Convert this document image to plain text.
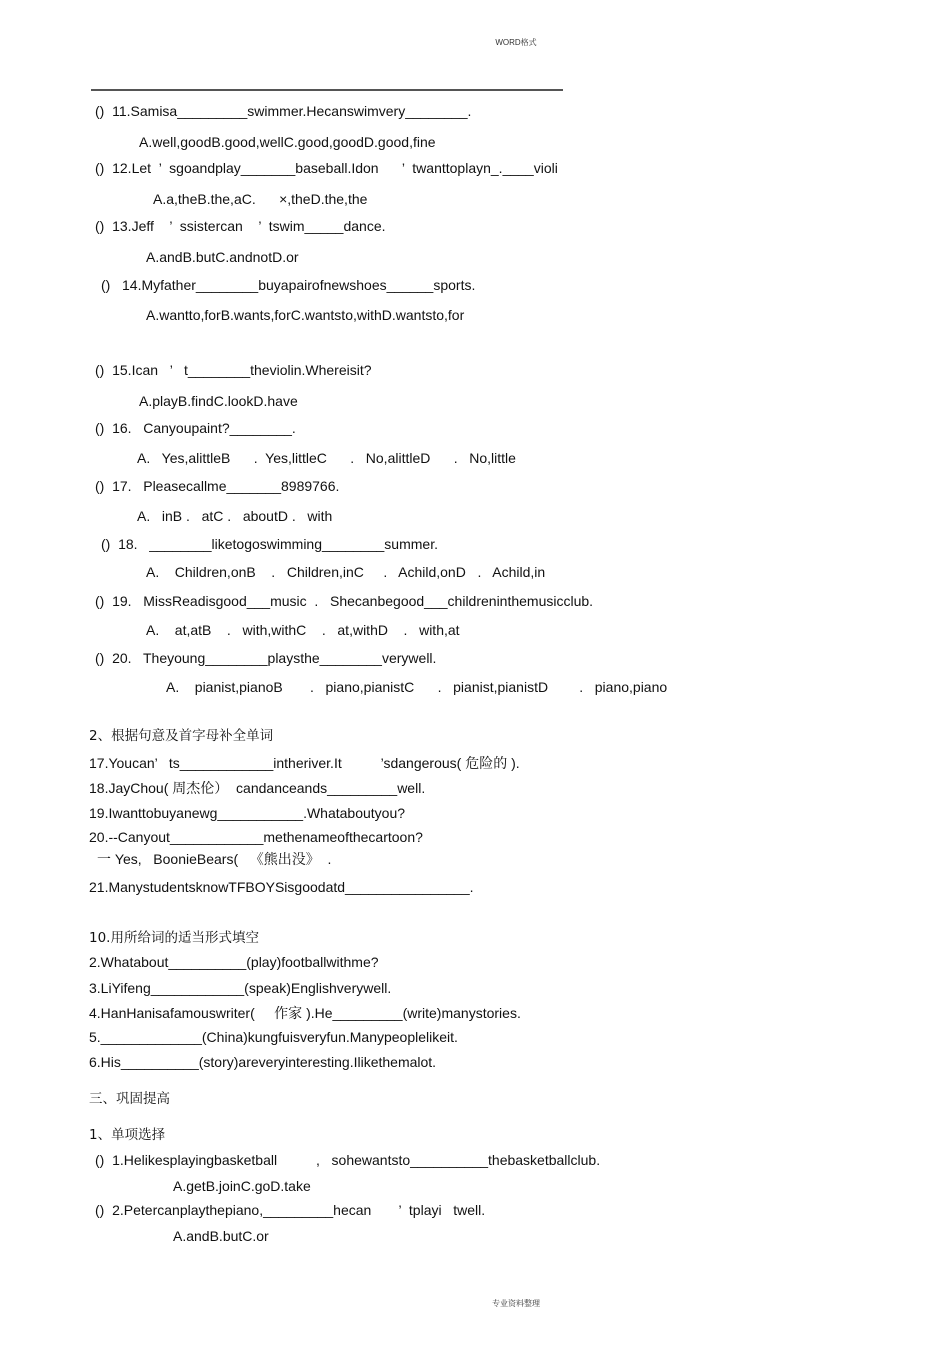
WORD格式
()  11.Samisa_________swimmer.Hecanswimvery________.
A.well,goodB.good,wellC.good,goodD.good,fine
()  12.Let  ’  sgoandplay_______baseball.Idon      ’  twanttoplayn_.____violi
A.a,theB.the,aC.      ×,theD.the,the
()  13.Jeff    ’  ssistercan    ’  tswim_____dance.
A.andB.butC.andnotD.or
()   14.Myfather________buyapairofnewshoes______sports.
A.wantto,forB.wants,forC.wantsto,withD.wantsto,for
()  15.Ican   ’   t________theviolin.Whereisit?
A.playB.findC.lookD.have
()  16.   Canyoupaint?________.
A.   Yes,alittleB      .  Yes,littleC      .   No,alittleD      .   No,little
()  17.   Pleasecallme_______8989766.
A.   inB .   atC .   aboutD .   with
()  18.   ________liketogoswimming________summer.
A.    Children,onB    .   Children,inC     .   Achild,onD   .   Achild,in
()  19.   MissReadisgood___music  .   Shecanbegood___childreninthemusicclub.
A.    at,atB    .   with,withC    .   at,withD    .   with,at
()  20.   Theyoung________playsthe________verywell.
A.    pianist,pianoB       .   piano,pianistC      .   pianist,pianistD        .   piano,piano
2、根据句意及首字母补全单词
17.Youcan’   ts____________intheriver.It          ’sdangerous( 危险的 ).
18.JayChou( 周杰伦）  candanceands_________well.
19.Iwanttobuyanewg___________.Whataboutyou?
20.--Canyout____________methenameofthecartoon?
一 Yes,   BoonieBears(   《熊出没》  .
21.ManystudentsknowTFBOYSisgoodatd________________.
10.用所给词的适当形式填空
2.Whatabout__________(play)footballwithme?
3.LiYifeng____________(speak)Englishverywell.
4.HanHanisafamouswriter(     作家 ).He_________(write)manystories.
5._____________(China)kungfuisveryfun.Manypeoplelikeit.
6.His__________(story)areveryinteresting.Ilikethemalot.
三、巩固提高
1、单项选择
()  1.Helikesplayingbasketball          ,   sohewantsto__________thebasketballclub.
A.getB.joinC.goD.take
()  2.Petercanplaythepiano,_________hecan       ’  tplayi   twell.
A.andB.butC.or
专业资料整理
